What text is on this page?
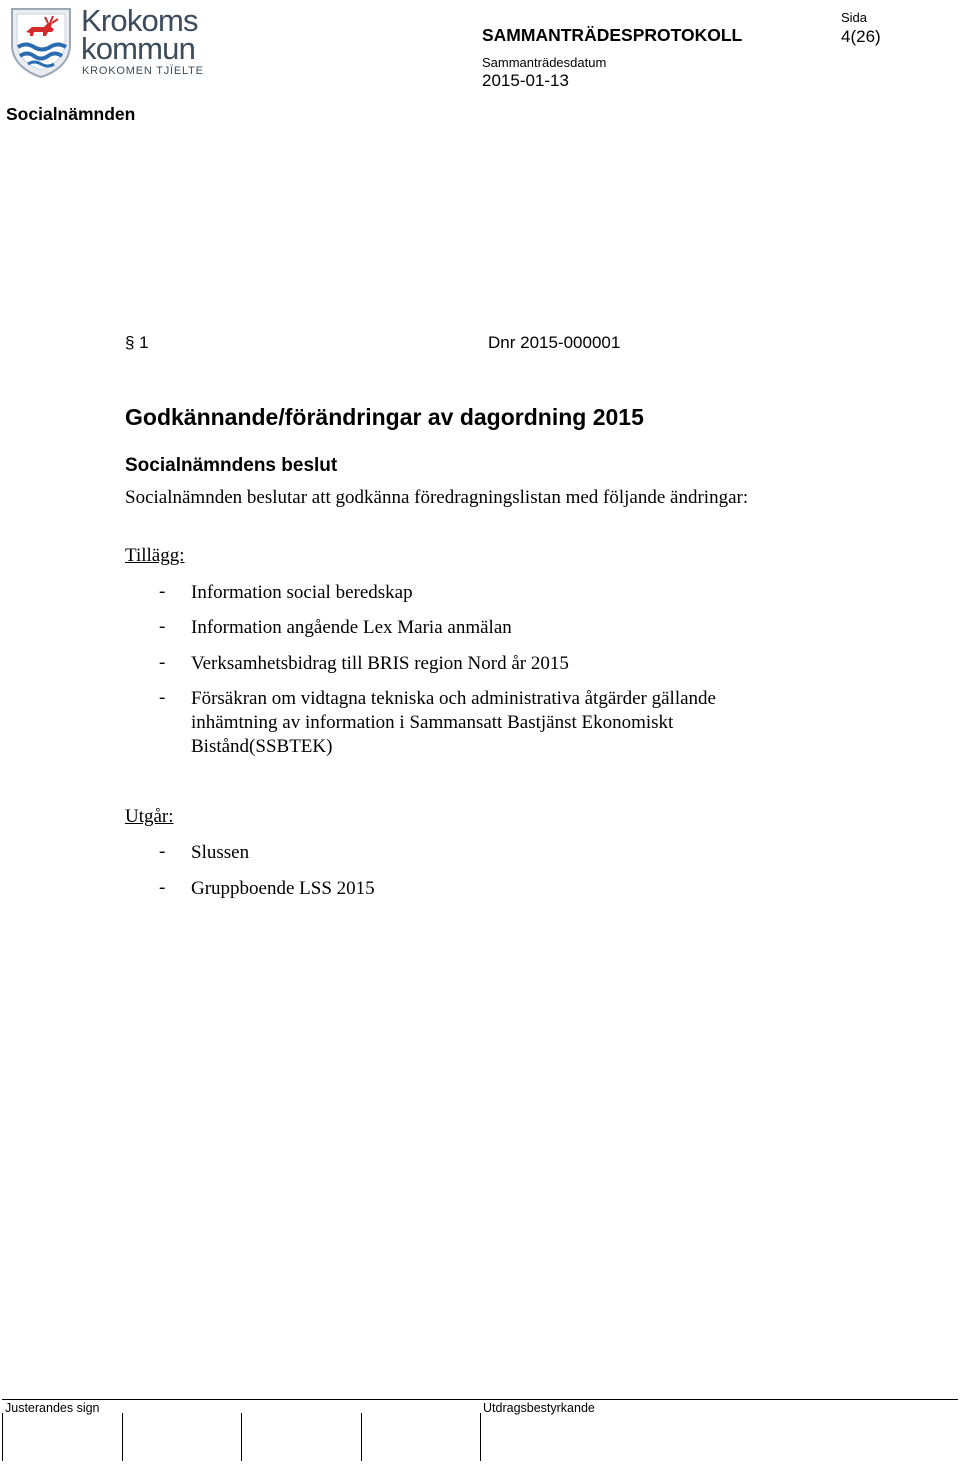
Krokoms
kommun
KROKOMEN TJÏELTE
SAMMANTRÄDESPROTOKOLL
Sida
4(26)
Sammanträdesdatum
2015-01-13
Socialnämnden
§ 1	Dnr 2015-000001
Godkännande/förändringar av dagordning 2015
Socialnämndens beslut
Socialnämnden beslutar att godkänna föredragningslistan med följande ändringar:
Tillägg:
- Information social beredskap
- Information angående Lex Maria anmälan
- Verksamhetsbidrag till BRIS region Nord år 2015
- Försäkran om vidtagna tekniska och administrativa åtgärder gällande inhämtning av information i Sammansatt Bastjänst Ekonomiskt Bistånd(SSBTEK)
Utgår:
- Slussen
- Gruppboende LSS 2015
Justerandes sign	Utdragsbestyrkande
